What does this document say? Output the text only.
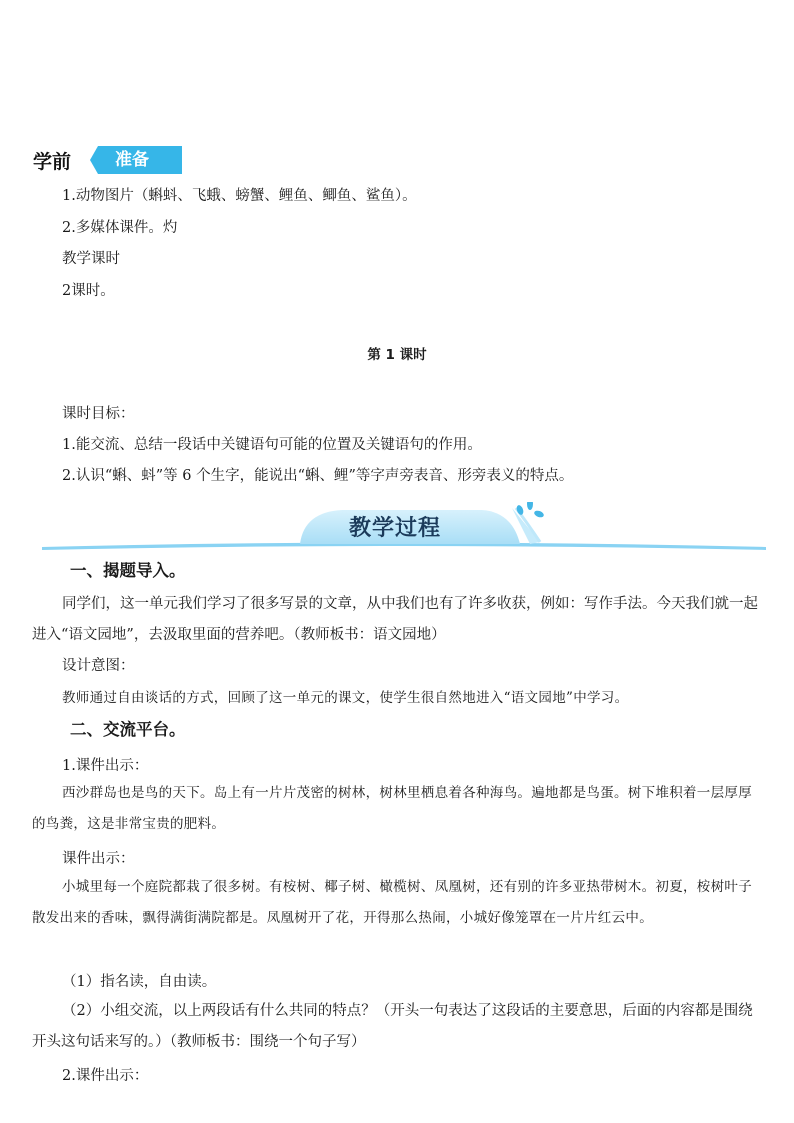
学前	准备
1.动物图片（蝌蚪、飞蛾、螃蟹、鲤鱼、鲫鱼、鲨鱼）。
2.多媒体课件。灼
教学课时
2课时。
第 1 课时
课时目标：
1.能交流、总结一段话中关键语句可能的位置及关键语句的作用。
2.认识“蝌、蚪”等 6 个生字，能说出“蝌、鲤”等字声旁表音、形旁表义的特点。
教学过程
一、揭题导入。
同学们，这一单元我们学习了很多写景的文章，从中我们也有了许多收获，例如：写作手法。今天我们就一起进入“语文园地”，去汲取里面的营养吧。（教师板书：语文园地）
设计意图：
教师通过自由谈话的方式，回顾了这一单元的课文，使学生很自然地进入“语文园地”中学习。
二、交流平台。
1.课件出示：
西沙群岛也是鸟的天下。岛上有一片片茂密的树林，树林里栖息着各种海鸟。遍地都是鸟蛋。树下堆积着一层厚厚的鸟粪，这是非常宝贵的肥料。
课件出示：
小城里每一个庭院都栽了很多树。有桉树、椰子树、橄榄树、凤凰树，还有别的许多亚热带树木。初夏，桉树叶子散发出来的香味，飘得满街满院都是。凤凰树开了花，开得那么热闹，小城好像笼罩在一片片红云中。
（1）指名读，自由读。
（2）小组交流，以上两段话有什么共同的特点？（开头一句表达了这段话的主要意思，后面的内容都是围绕开头这句话来写的。）（教师板书：围绕一个句子写）
2.课件出示：
